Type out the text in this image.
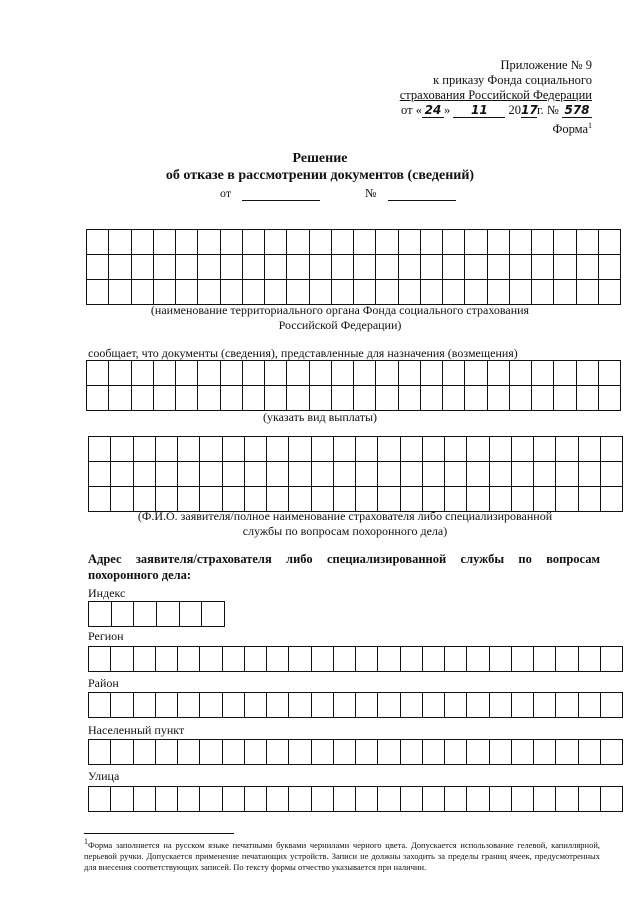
Приложение № 9
к приказу Фонда социального
страхования Российской Федерации
от « 24 » 11 2017г. № 578
Форма$^1$
Решение
об отказе в рассмотрении документов (сведений)
от	№

(наименование территориального органа Фонда социального страхования Российской Федерации)
сообщает, что документы (сведения), представленные для назначения (возмещения)

(указать вид выплаты)

(Ф.И.О. заявителя/полное наименование страхователя либо специализированной службы по вопросам похоронного дела)
Адрес заявителя/страхователя либо специализированной службы по вопросам похоронного дела:
Индекс

Регион

Район

Населенный пункт

Улица

$^1$Форма заполняется на русском языке печатными буквами чернилами черного цвета. Допускается использование гелевой, капиллярной, перьевой ручки. Допускается применение печатающих устройств. Записи не должны заходить за пределы границ ячеек, предусмотренных для внесения соответствующих записей. По тексту формы отчество указывается при наличии.
